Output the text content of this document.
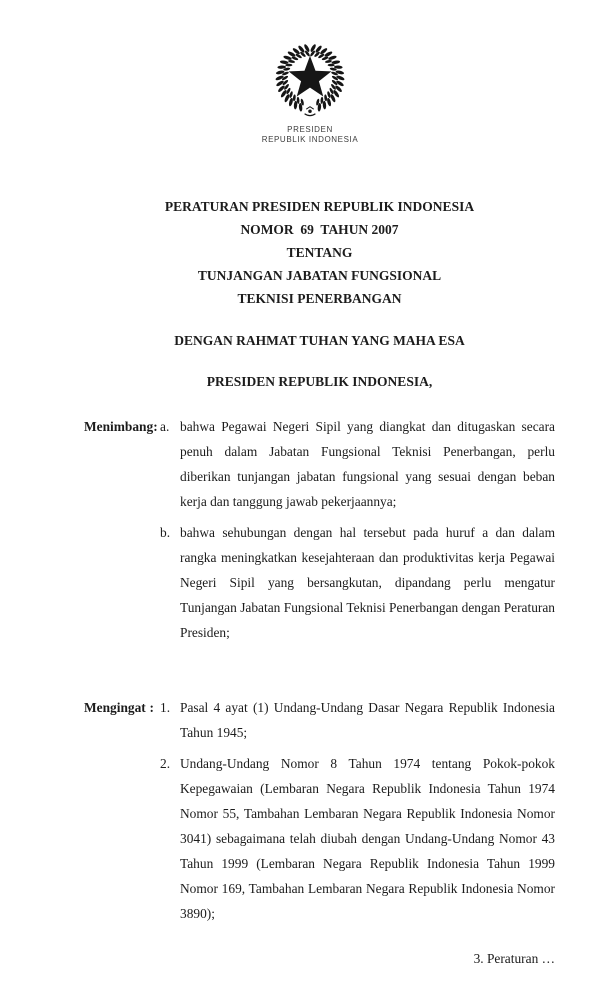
PRESIDEN
REPUBLIK INDONESIA
PERATURAN PRESIDEN REPUBLIK INDONESIA
NOMOR  69  TAHUN 2007
TENTANG
TUNJANGAN JABATAN FUNGSIONAL
TEKNISI PENERBANGAN
DENGAN RAHMAT TUHAN YANG MAHA ESA
PRESIDEN REPUBLIK INDONESIA,
Menimbang : a. bahwa Pegawai Negeri Sipil yang diangkat dan ditugaskan secara penuh dalam Jabatan Fungsional Teknisi Penerbangan, perlu diberikan tunjangan jabatan fungsional yang sesuai dengan beban kerja dan tanggung jawab pekerjaannya;
b. bahwa sehubungan dengan hal tersebut pada huruf a dan dalam rangka meningkatkan kesejahteraan dan produktivitas kerja Pegawai Negeri Sipil yang bersangkutan, dipandang perlu mengatur Tunjangan Jabatan Fungsional Teknisi Penerbangan dengan Peraturan Presiden;
Mengingat : 1. Pasal 4 ayat (1) Undang-Undang Dasar Negara Republik Indonesia Tahun 1945;
2. Undang-Undang Nomor 8 Tahun 1974 tentang Pokok-pokok Kepegawaian (Lembaran Negara Republik Indonesia Tahun 1974 Nomor 55, Tambahan Lembaran Negara Republik Indonesia Nomor 3041) sebagaimana telah diubah dengan Undang-Undang Nomor 43 Tahun 1999 (Lembaran Negara Republik Indonesia Tahun 1999 Nomor 169, Tambahan Lembaran Negara Republik Indonesia Nomor 3890);
3. Peraturan …
